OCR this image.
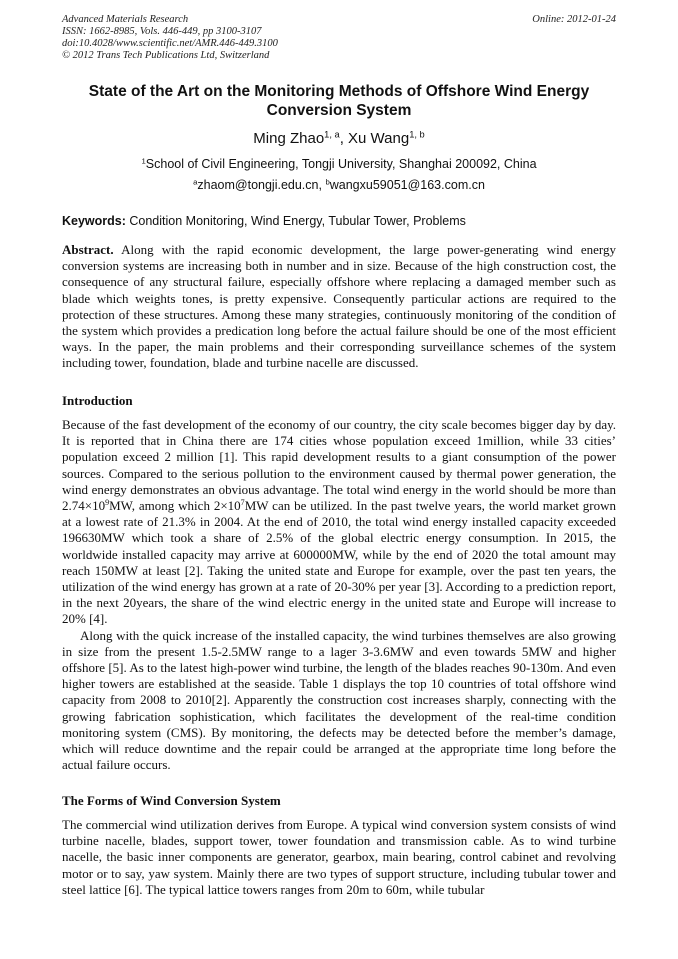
Advanced Materials Research
ISSN: 1662-8985, Vols. 446-449, pp 3100-3107
doi:10.4028/www.scientific.net/AMR.446-449.3100
© 2012 Trans Tech Publications Ltd, Switzerland
Online: 2012-01-24
State of the Art on the Monitoring Methods of Offshore Wind Energy Conversion System
Ming Zhao$^{1, a}$, Xu Wang$^{1, b}$
$^1$School of Civil Engineering, Tongji University, Shanghai 200092, China
$^a$zhaom@tongji.edu.cn, $^b$wangxu59051@163.com.cn
Keywords: Condition Monitoring, Wind Energy, Tubular Tower, Problems
Abstract. Along with the rapid economic development, the large power-generating wind energy conversion systems are increasing both in number and in size. Because of the high construction cost, the consequence of any structural failure, especially offshore where replacing a damaged member such as blade which weights tones, is pretty expensive. Consequently particular actions are required to the protection of these structures. Among these many strategies, continuously monitoring of the condition of the system which provides a predication long before the actual failure should be one of the most efficient ways. In the paper, the main problems and their corresponding surveillance schemes of the system including tower, foundation, blade and turbine nacelle are discussed.
Introduction

Because of the fast development of the economy of our country, the city scale becomes bigger day by day. It is reported that in China there are 174 cities whose population exceed 1million, while 33 cities’ population exceed 2 million [1]. This rapid development results to a giant consumption of the power sources. Compared to the serious pollution to the environment caused by thermal power generation, the wind energy demonstrates an obvious advantage. The total wind energy in the world should be more than $2.74\times 10^9MW$, among which $2\times 10^7MW$ can be utilized. In the past twelve years, the world market grown at a lowest rate of 21.3% in 2004. At the end of 2010, the total wind energy installed capacity exceeded 196630MW which took a share of 2.5% of the global electric energy consumption. In 2015, the worldwide installed capacity may arrive at 600000MW, while by the end of 2020 the total amount may reach 150MW at least [2]. Taking the united state and Europe for example, over the past ten years, the utilization of the wind energy has grown at a rate of 20-30% per year [3]. According to a prediction report, in the next 20years, the share of the wind electric energy in the united state and Europe will increase to 20% [4].

Along with the quick increase of the installed capacity, the wind turbines themselves are also growing in size from the present 1.5-2.5MW range to a lager 3-3.6MW and even towards 5MW and higher offshore [5]. As to the latest high-power wind turbine, the length of the blades reaches 90-130m. And even higher towers are established at the seaside. Table 1 displays the top 10 countries of total offshore wind capacity from 2008 to 2010[2]. Apparently the construction cost increases sharply, connecting with the growing fabrication sophistication, which facilitates the development of the real-time condition monitoring system (CMS). By monitoring, the defects may be detected before the member’s damage, which will reduce downtime and the repair could be arranged at the appropriate time long before the actual failure occurs.

The Forms of Wind Conversion System

The commercial wind utilization derives from Europe. A typical wind conversion system consists of wind turbine nacelle, blades, support tower, tower foundation and transmission cable. As to wind turbine nacelle, the basic inner components are generator, gearbox, main bearing, control cabinet and revolving motor or to say, yaw system. Mainly there are two types of support structure, including tubular tower and steel lattice [6]. The typical lattice towers ranges from 20m to 60m, while tubular
